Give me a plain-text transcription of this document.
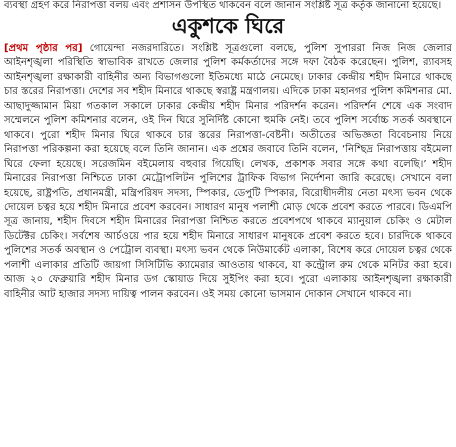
ব্যবস্থা গ্রহণ করে নিরাপত্তা বলয় এবং প্রশাসন উপস্থিত থাকবেন বলে জানান সংশ্লিষ্ট সূত্র কর্তৃক জানানো হয়েছে।
একুশকে ঘিরে

[প্রথম পৃষ্ঠার পর] গোয়েন্দা নজরদারিতে। সংশ্লিষ্ট সূত্রগুলো বলছে, পুলিশ সুপাররা নিজ নিজ জেলার আইনশৃঙ্খলা পরিস্থিতি স্বাভাবিক রাখতে জেলার পুলিশ কর্মকর্তাদের সঙ্গে দফা বৈঠক করেছেন। পুলিশ, র‌্যাবসহ আইনশৃঙ্খলা রক্ষাকারী বাহিনীর অন্য বিভাগগুলো ইতিমধ্যে মাঠে নেমেছে। ঢাকার কেন্দ্রীয় শহীদ মিনারে থাকছে চার স্তরের নিরাপত্তা। দেশের সব শহীদ মিনারে থাকছে স্বরাষ্ট্র মন্ত্রণালয়। এদিকে ঢাকা মহানগর পুলিশ কমিশনার মো. আছাদুজ্জামান মিয়া গতকাল সকালে ঢাকার কেন্দ্রীয় শহীদ মিনার পরিদর্শন করেন। পরিদর্শন শেষে এক সংবাদ সম্মেলনে পুলিশ কমিশনার বলেন, ওই দিন ঘিরে সুনির্দিষ্ট কোনো হুমকি নেই। তবে পুলিশ সর্বোচ্চ সতর্ক অবস্থানে থাকবে। পুরো শহীদ মিনার ঘিরে থাকবে চার স্তরের নিরাপত্তা-বেষ্টনী। অতীতের অভিজ্ঞতা বিবেচনায় নিয়ে নিরাপত্তা পরিকল্পনা করা হয়েছে বলে তিনি জানান। এক প্রশ্নের জবাবে তিনি বলেন, ‘নিশ্ছিদ্র নিরাপত্তায় বইমেলা ঘিরে ফেলা হয়েছে। সরেজমিন বইমেলায় বহুবার গিয়েছি। লেখক, প্রকাশক সবার সঙ্গে কথা বলেছি।’ শহীদ মিনারের নিরাপত্তা নিশ্চিতে ঢাকা মেট্রোপলিটন পুলিশের ট্রাফিক বিভাগ নির্দেশনা জারি করেছে। সেখানে বলা হয়েছে, রাষ্ট্রপতি, প্রধানমন্ত্রী, মন্ত্রিপরিষদ সদস্য, স্পিকার, ডেপুটি স্পিকার, বিরোধীদলীয় নেতা মৎস্য ভবন থেকে দোয়েল চত্বর হয়ে শহীদ মিনারে প্রবেশ করবেন। সাধারণ মানুষ পলাশী মোড় থেকে প্রবেশ করতে পারবে। ডিএমপি সূত্র জানায়, শহীদ দিবসে শহীদ মিনারের নিরাপত্তা নিশ্চিত করতে প্রবেশপথে থাকবে ম্যানুয়াল চেকিং ও মেটাল ডিটেক্টর চেকিং। সর্বশেষ আর্চওয়ে পার হয়ে শহীদ মিনারে সাধারণ মানুষকে প্রবেশ করতে হবে। চারদিকে থাকবে পুলিশের সতর্ক অবস্থান ও পেট্রোল ব্যবস্থা। মৎস্য ভবন থেকে নিউমার্কেট এলাকা, বিশেষ করে দোয়েল চত্বর থেকে পলাশী এলাকার প্রতিটি জায়গা সিসিটিভি ক্যামেরার আওতায় থাকবে, যা কন্ট্রোল রুম থেকে মনিটর করা হবে। আজ ২০ ফেব্রুয়ারি শহীদ মিনার ডগ স্কোয়াড দিয়ে সুইপিং করা হবে। পুরো এলাকায় আইনশৃঙ্খলা রক্ষাকারী বাহিনীর আট হাজার সদস্য দায়িত্ব পালন করবেন। ওই সময় কোনো ভাসমান দোকান সেখানে থাকবে না।
